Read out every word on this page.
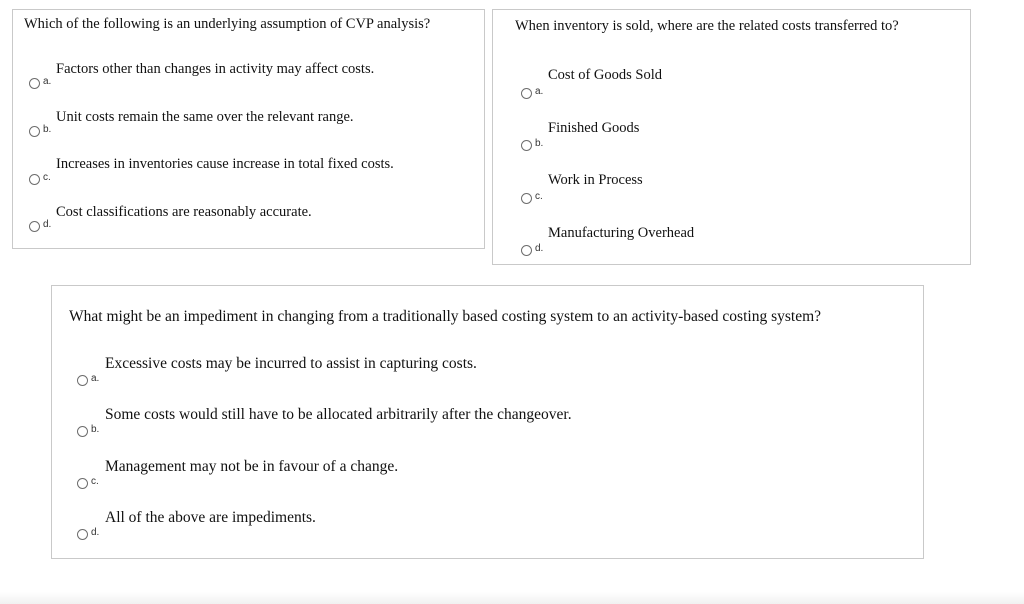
Which of the following is an underlying assumption of CVP analysis?
Factors other than changes in activity may affect costs.
a.
Unit costs remain the same over the relevant range.
b.
Increases in inventories cause increase in total fixed costs.
c.
Cost classifications are reasonably accurate.
d.
When inventory is sold, where are the related costs transferred to?
Cost of Goods Sold
a.
Finished Goods
b.
Work in Process
c.
Manufacturing Overhead
d.
What might be an impediment in changing from a traditionally based costing system to an activity-based costing system?
Excessive costs may be incurred to assist in capturing costs.
a.
Some costs would still have to be allocated arbitrarily after the changeover.
b.
Management may not be in favour of a change.
c.
All of the above are impediments.
d.
